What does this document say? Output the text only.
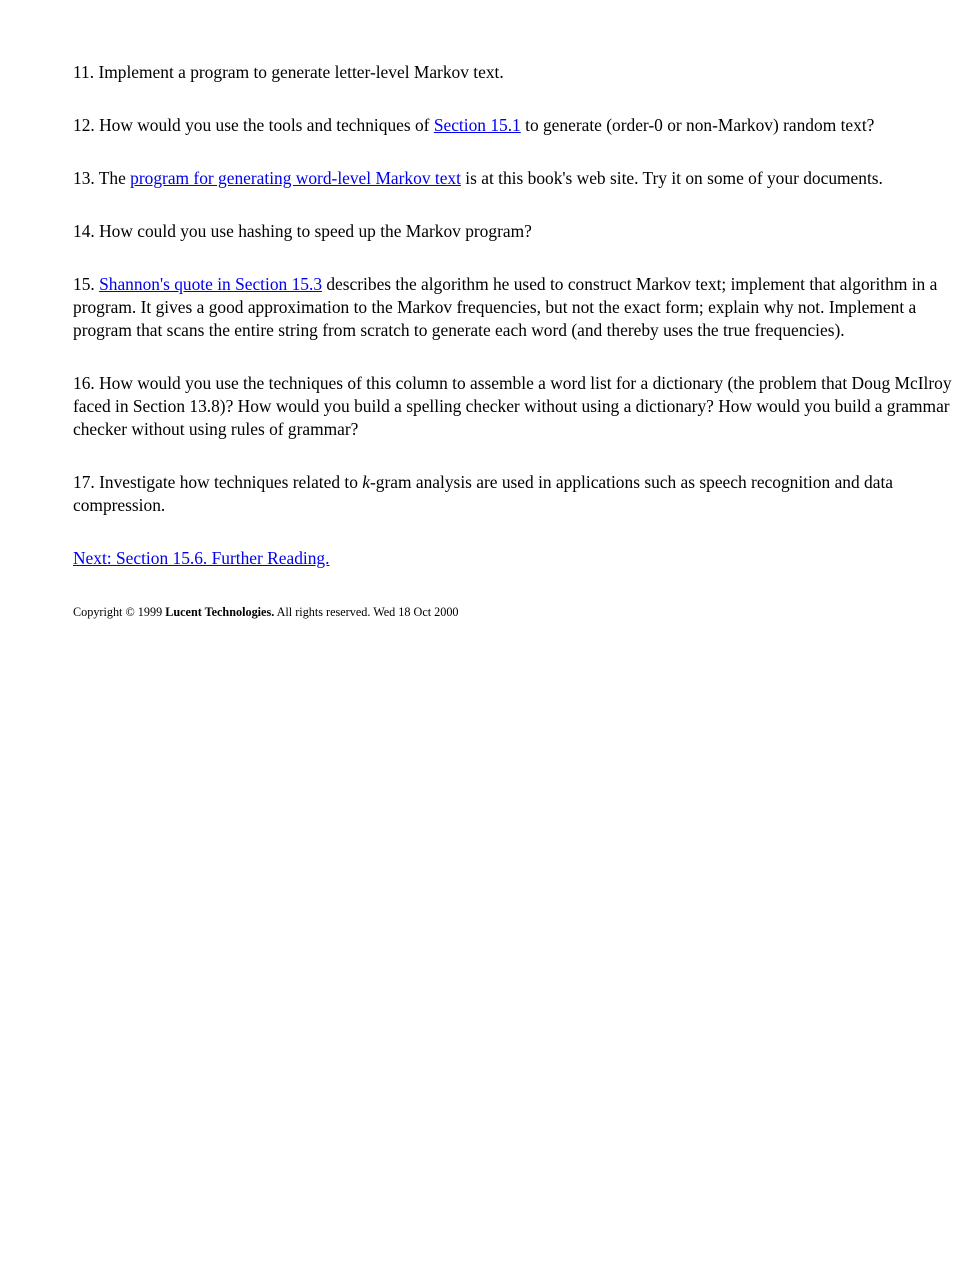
11. Implement a program to generate letter-level Markov text.

12. How would you use the tools and techniques of Section 15.1 to generate (order-0 or non-Markov) random text?

13. The program for generating word-level Markov text is at this book's web site. Try it on some of your documents.

14. How could you use hashing to speed up the Markov program?

15. Shannon's quote in Section 15.3 describes the algorithm he used to construct Markov text; implement that algorithm in a program. It gives a good approximation to the Markov frequencies, but not the exact form; explain why not. Implement a program that scans the entire string from scratch to generate each word (and thereby uses the true frequencies).

16. How would you use the techniques of this column to assemble a word list for a dictionary (the problem that Doug McIlroy faced in Section 13.8)? How would you build a spelling checker without using a dictionary? How would you build a grammar checker without using rules of grammar?

17. Investigate how techniques related to k-gram analysis are used in applications such as speech recognition and data compression.

Next: Section 15.6. Further Reading.

Copyright © 1999 Lucent Technologies. All rights reserved. Wed 18 Oct 2000
